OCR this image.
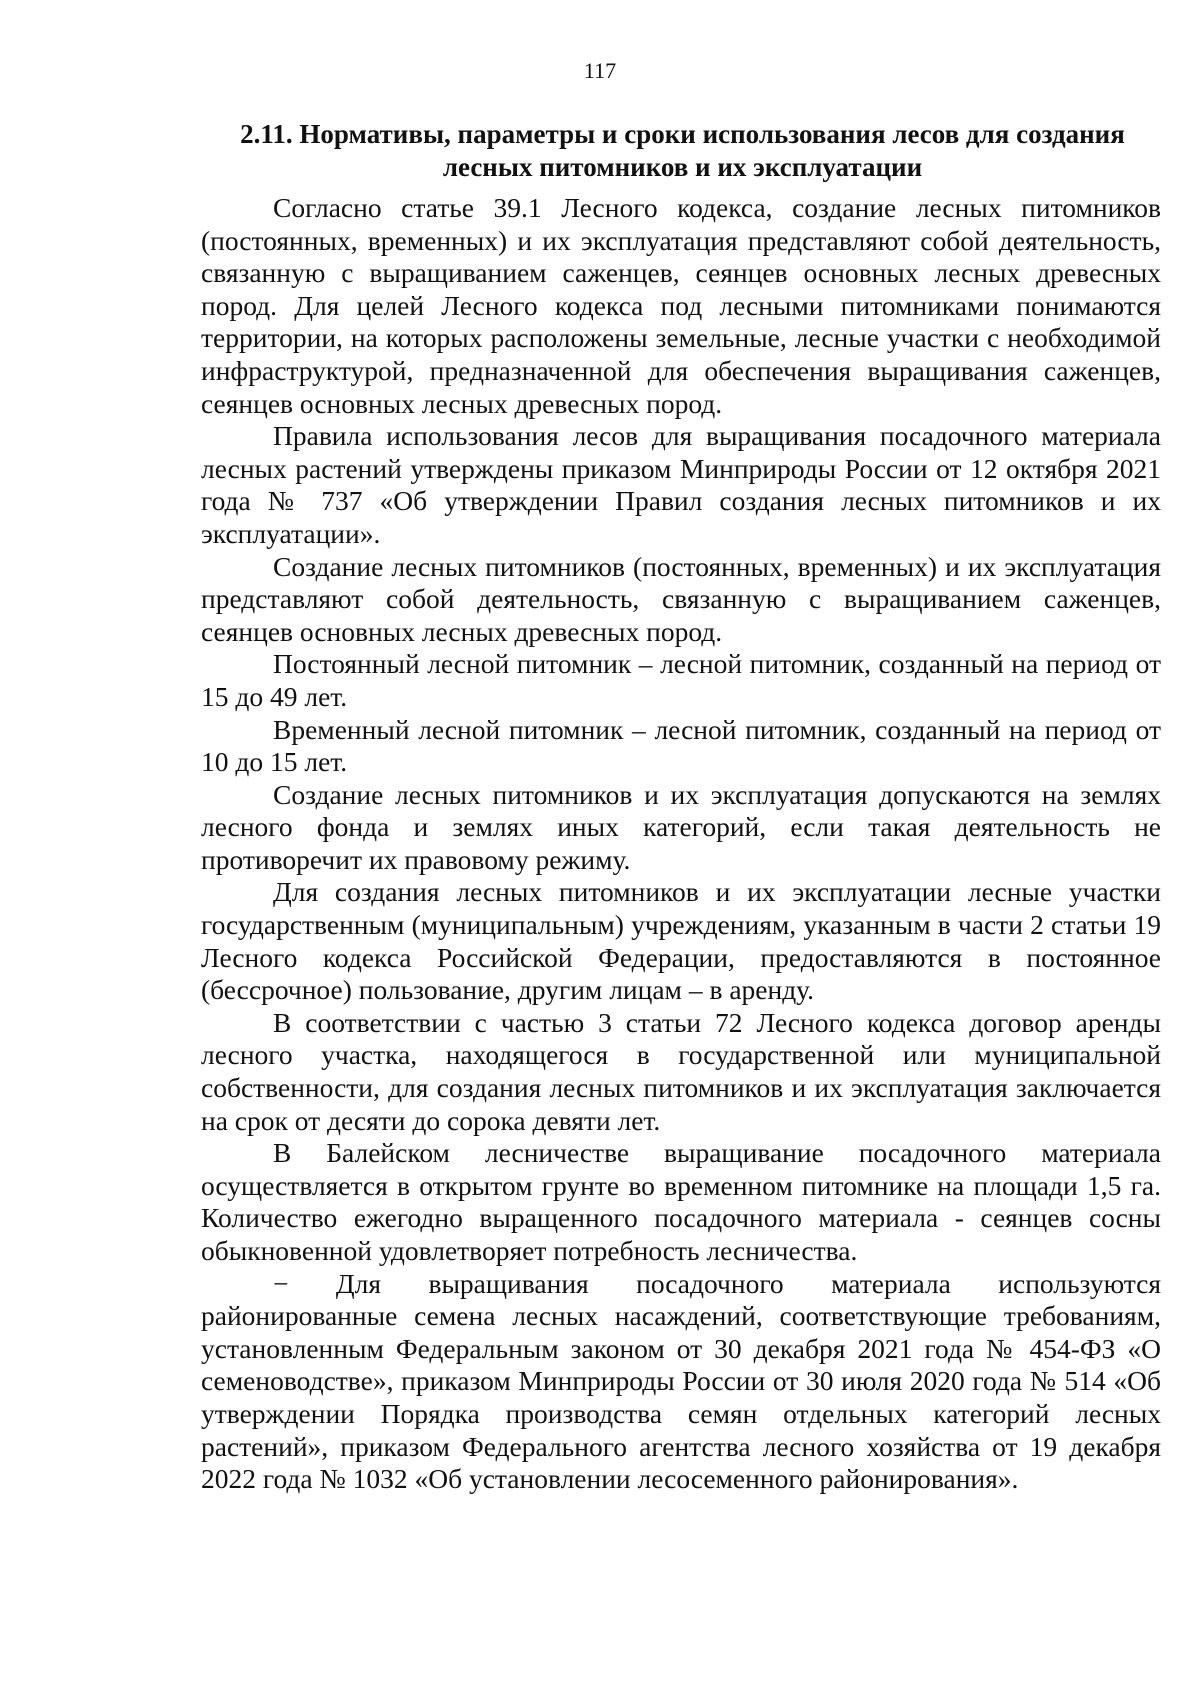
117
2.11. Нормативы, параметры и сроки использования лесов для создания лесных питомников и их эксплуатации

Согласно статье 39.1 Лесного кодекса, создание лесных питомников (постоянных, временных) и их эксплуатация представляют собой деятельность, связанную с выращиванием саженцев, сеянцев основных лесных древесных пород. Для целей Лесного кодекса под лесными питомниками понимаются территории, на которых расположены земельные, лесные участки с необходимой инфраструктурой, предназначенной для обеспечения выращивания саженцев, сеянцев основных лесных древесных пород.

Правила использования лесов для выращивания посадочного материала лесных растений утверждены приказом Минприроды России от 12 октября 2021 года № 737 «Об утверждении Правил создания лесных питомников и их эксплуатации».

Создание лесных питомников (постоянных, временных) и их эксплуатация представляют собой деятельность, связанную с выращиванием саженцев, сеянцев основных лесных древесных пород.

Постоянный лесной питомник – лесной питомник, созданный на период от 15 до 49 лет.

Временный лесной питомник – лесной питомник, созданный на период от 10 до 15 лет.

Создание лесных питомников и их эксплуатация допускаются на землях лесного фонда и землях иных категорий, если такая деятельность не противоречит их правовому режиму.

Для создания лесных питомников и их эксплуатации лесные участки государственным (муниципальным) учреждениям, указанным в части 2 статьи 19 Лесного кодекса Российской Федерации, предоставляются в постоянное (бессрочное) пользование, другим лицам – в аренду.

В соответствии с частью 3 статьи 72 Лесного кодекса договор аренды лесного участка, находящегося в государственной или муниципальной собственности, для создания лесных питомников и их эксплуатация заключается на срок от десяти до сорока девяти лет.

В Балейском лесничестве выращивание посадочного материала осуществляется в открытом грунте во временном питомнике на площади 1,5 га. Количество ежегодно выращенного посадочного материала - сеянцев сосны обыкновенной удовлетворяет потребность лесничества.

− Для выращивания посадочного материала используются районированные семена лесных насаждений, соответствующие требованиям, установленным Федеральным законом от 30 декабря 2021 года № 454-ФЗ «О семеноводстве», приказом Минприроды России от 30 июля 2020 года № 514 «Об утверждении Порядка производства семян отдельных категорий лесных растений», приказом Федерального агентства лесного хозяйства от 19 декабря 2022 года № 1032 «Об установлении лесосеменного районирования».
